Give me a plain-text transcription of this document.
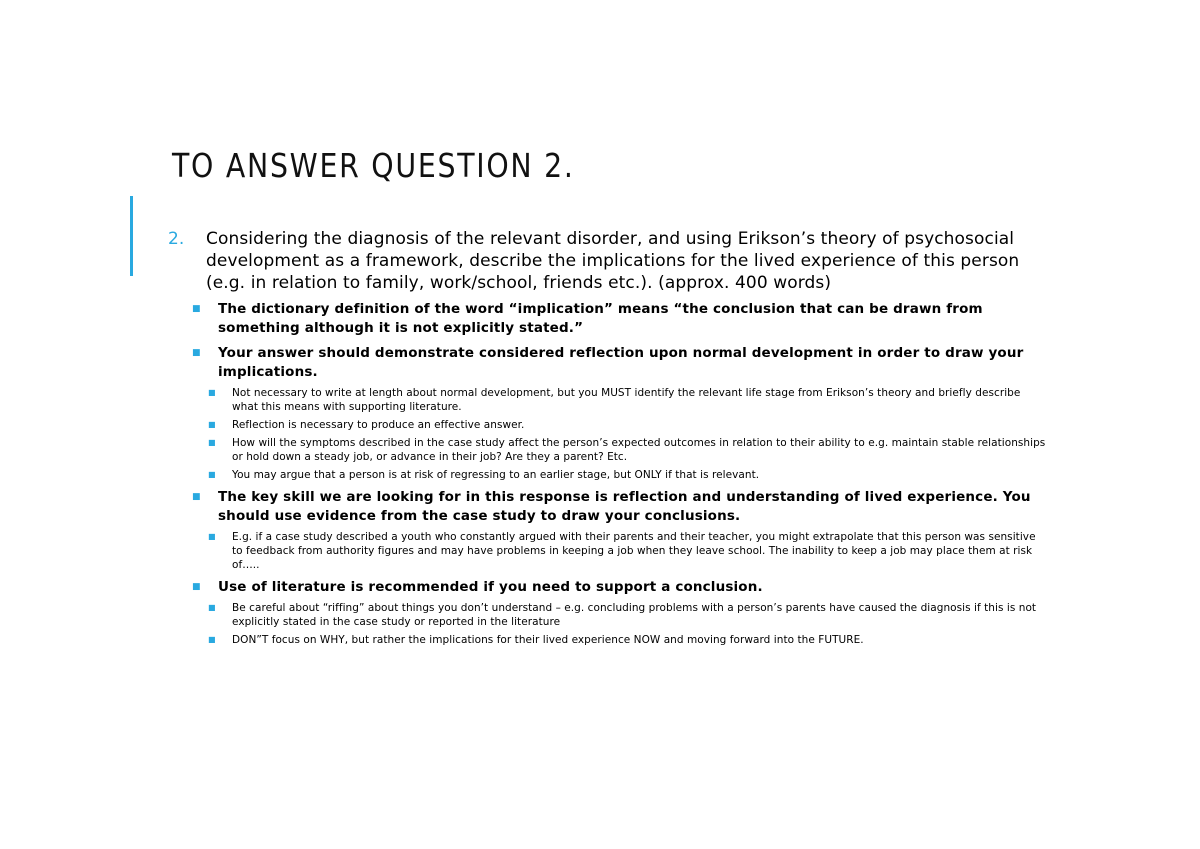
TO ANSWER QUESTION 2.
2.	Considering the diagnosis of the relevant disorder, and using Erikson’s theory of psychosocial development as a framework, describe the implications for the lived experience of this person (e.g. in relation to family, work/school, friends etc.). (approx. 400 words)
■	The dictionary definition of the word “implication” means “the conclusion that can be drawn from something although it is not explicitly stated.”
■	Your answer should demonstrate considered reflection upon normal development in order to draw your implications.
■	Not necessary to write at length about normal development, but you MUST identify the relevant life stage from Erikson’s theory and briefly describe what this means with supporting literature.
■	Reflection is necessary to produce an effective answer.
■	How will the symptoms described in the case study affect the person’s expected outcomes in relation to their ability to e.g. maintain stable relationships or hold down a steady job, or advance in their job? Are they a parent? Etc.
■	You may argue that a person is at risk of regressing to an earlier stage, but ONLY if that is relevant.
■	The key skill we are looking for in this response is reflection and understanding of lived experience. You should use evidence from the case study to draw your conclusions.
■	E.g. if a case study described a youth who constantly argued with their parents and their teacher, you might extrapolate that this person was sensitive to feedback from authority figures and may have problems in keeping a job when they leave school. The inability to keep a job may place them at risk of…..
■	Use of literature is recommended if you need to support a conclusion.
■	Be careful about “riffing” about things you don’t understand – e.g. concluding problems with a person’s parents have caused the diagnosis if this is not explicitly stated in the case study or reported in the literature
■	DON”T focus on WHY, but rather the implications for their lived experience NOW and moving forward into the FUTURE.
